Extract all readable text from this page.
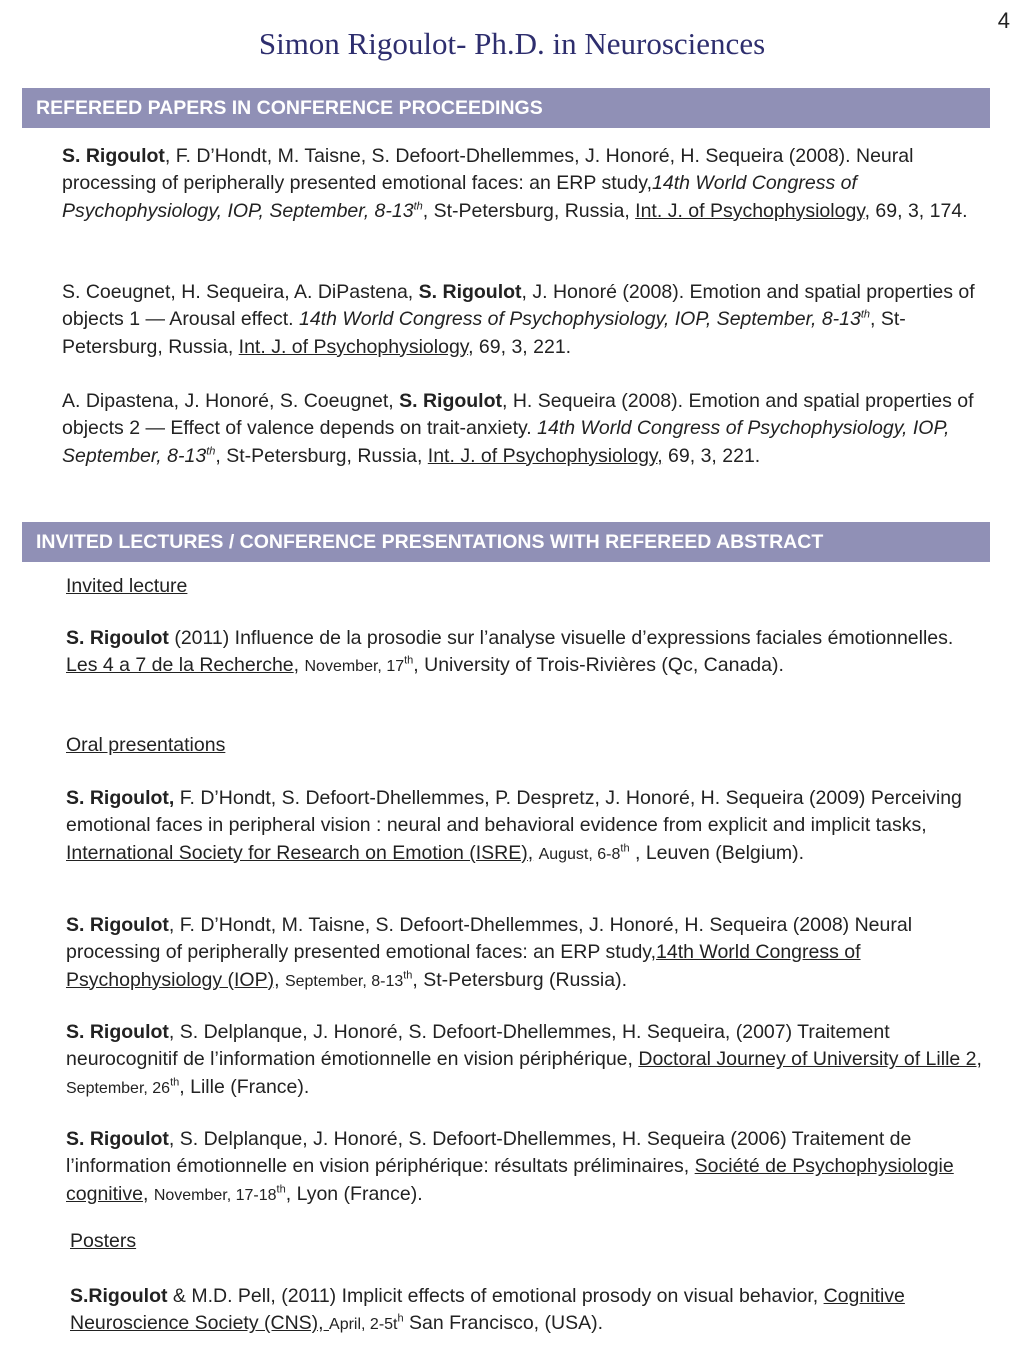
4
Simon Rigoulot- Ph.D. in Neurosciences
REFEREED PAPERS IN CONFERENCE PROCEEDINGS
S. Rigoulot, F. D’Hondt, M. Taisne, S. Defoort-Dhellemmes, J. Honoré, H. Sequeira (2008). Neural processing of peripherally presented emotional faces: an ERP study,14th World Congress of Psychophysiology, IOP, September, 8-13th, St-Petersburg, Russia, Int. J. of Psychophysiology, 69, 3, 174.
S. Coeugnet, H. Sequeira, A. DiPastena, S. Rigoulot, J. Honoré (2008). Emotion and spatial properties of objects 1 — Arousal effect. 14th World Congress of Psychophysiology, IOP, September, 8-13th, St-Petersburg, Russia, Int. J. of Psychophysiology, 69, 3, 221.
A. Dipastena, J. Honoré, S. Coeugnet, S. Rigoulot, H. Sequeira (2008). Emotion and spatial properties of objects 2 — Effect of valence depends on trait-anxiety. 14th World Congress of Psychophysiology, IOP, September, 8-13th, St-Petersburg, Russia, Int. J. of Psychophysiology, 69, 3, 221.
INVITED LECTURES / CONFERENCE PRESENTATIONS WITH REFEREED ABSTRACT
Invited lecture
S. Rigoulot (2011) Influence de la prosodie sur l’analyse visuelle d’expressions faciales émotionnelles. Les 4 a 7 de la Recherche, November, 17th, University of Trois-Rivières (Qc, Canada).
Oral presentations
S. Rigoulot, F. D’Hondt, S. Defoort-Dhellemmes, P. Despretz, J. Honoré, H. Sequeira (2009) Perceiving emotional faces in peripheral vision : neural and behavioral evidence from explicit and implicit tasks, International Society for Research on Emotion (ISRE), August, 6-8th , Leuven (Belgium).
S. Rigoulot, F. D’Hondt, M. Taisne, S. Defoort-Dhellemmes, J. Honoré, H. Sequeira (2008) Neural processing of peripherally presented emotional faces: an ERP study,14th World Congress of Psychophysiology (IOP), September, 8-13th, St-Petersburg (Russia).
S. Rigoulot, S. Delplanque, J. Honoré, S. Defoort-Dhellemmes, H. Sequeira, (2007) Traitement neurocognitif de l’information émotionnelle en vision périphérique, Doctoral Journey of University of Lille 2, September, 26th, Lille (France).
S. Rigoulot, S. Delplanque, J. Honoré, S. Defoort-Dhellemmes, H. Sequeira (2006) Traitement de l’information émotionnelle en vision périphérique: résultats préliminaires, Société de Psychophysiologie cognitive, November, 17-18th, Lyon (France).
Posters
S.Rigoulot & M.D. Pell, (2011) Implicit effects of emotional prosody on visual behavior, Cognitive Neuroscience Society (CNS), April, $2-5t^h$ San Francisco, (USA).
